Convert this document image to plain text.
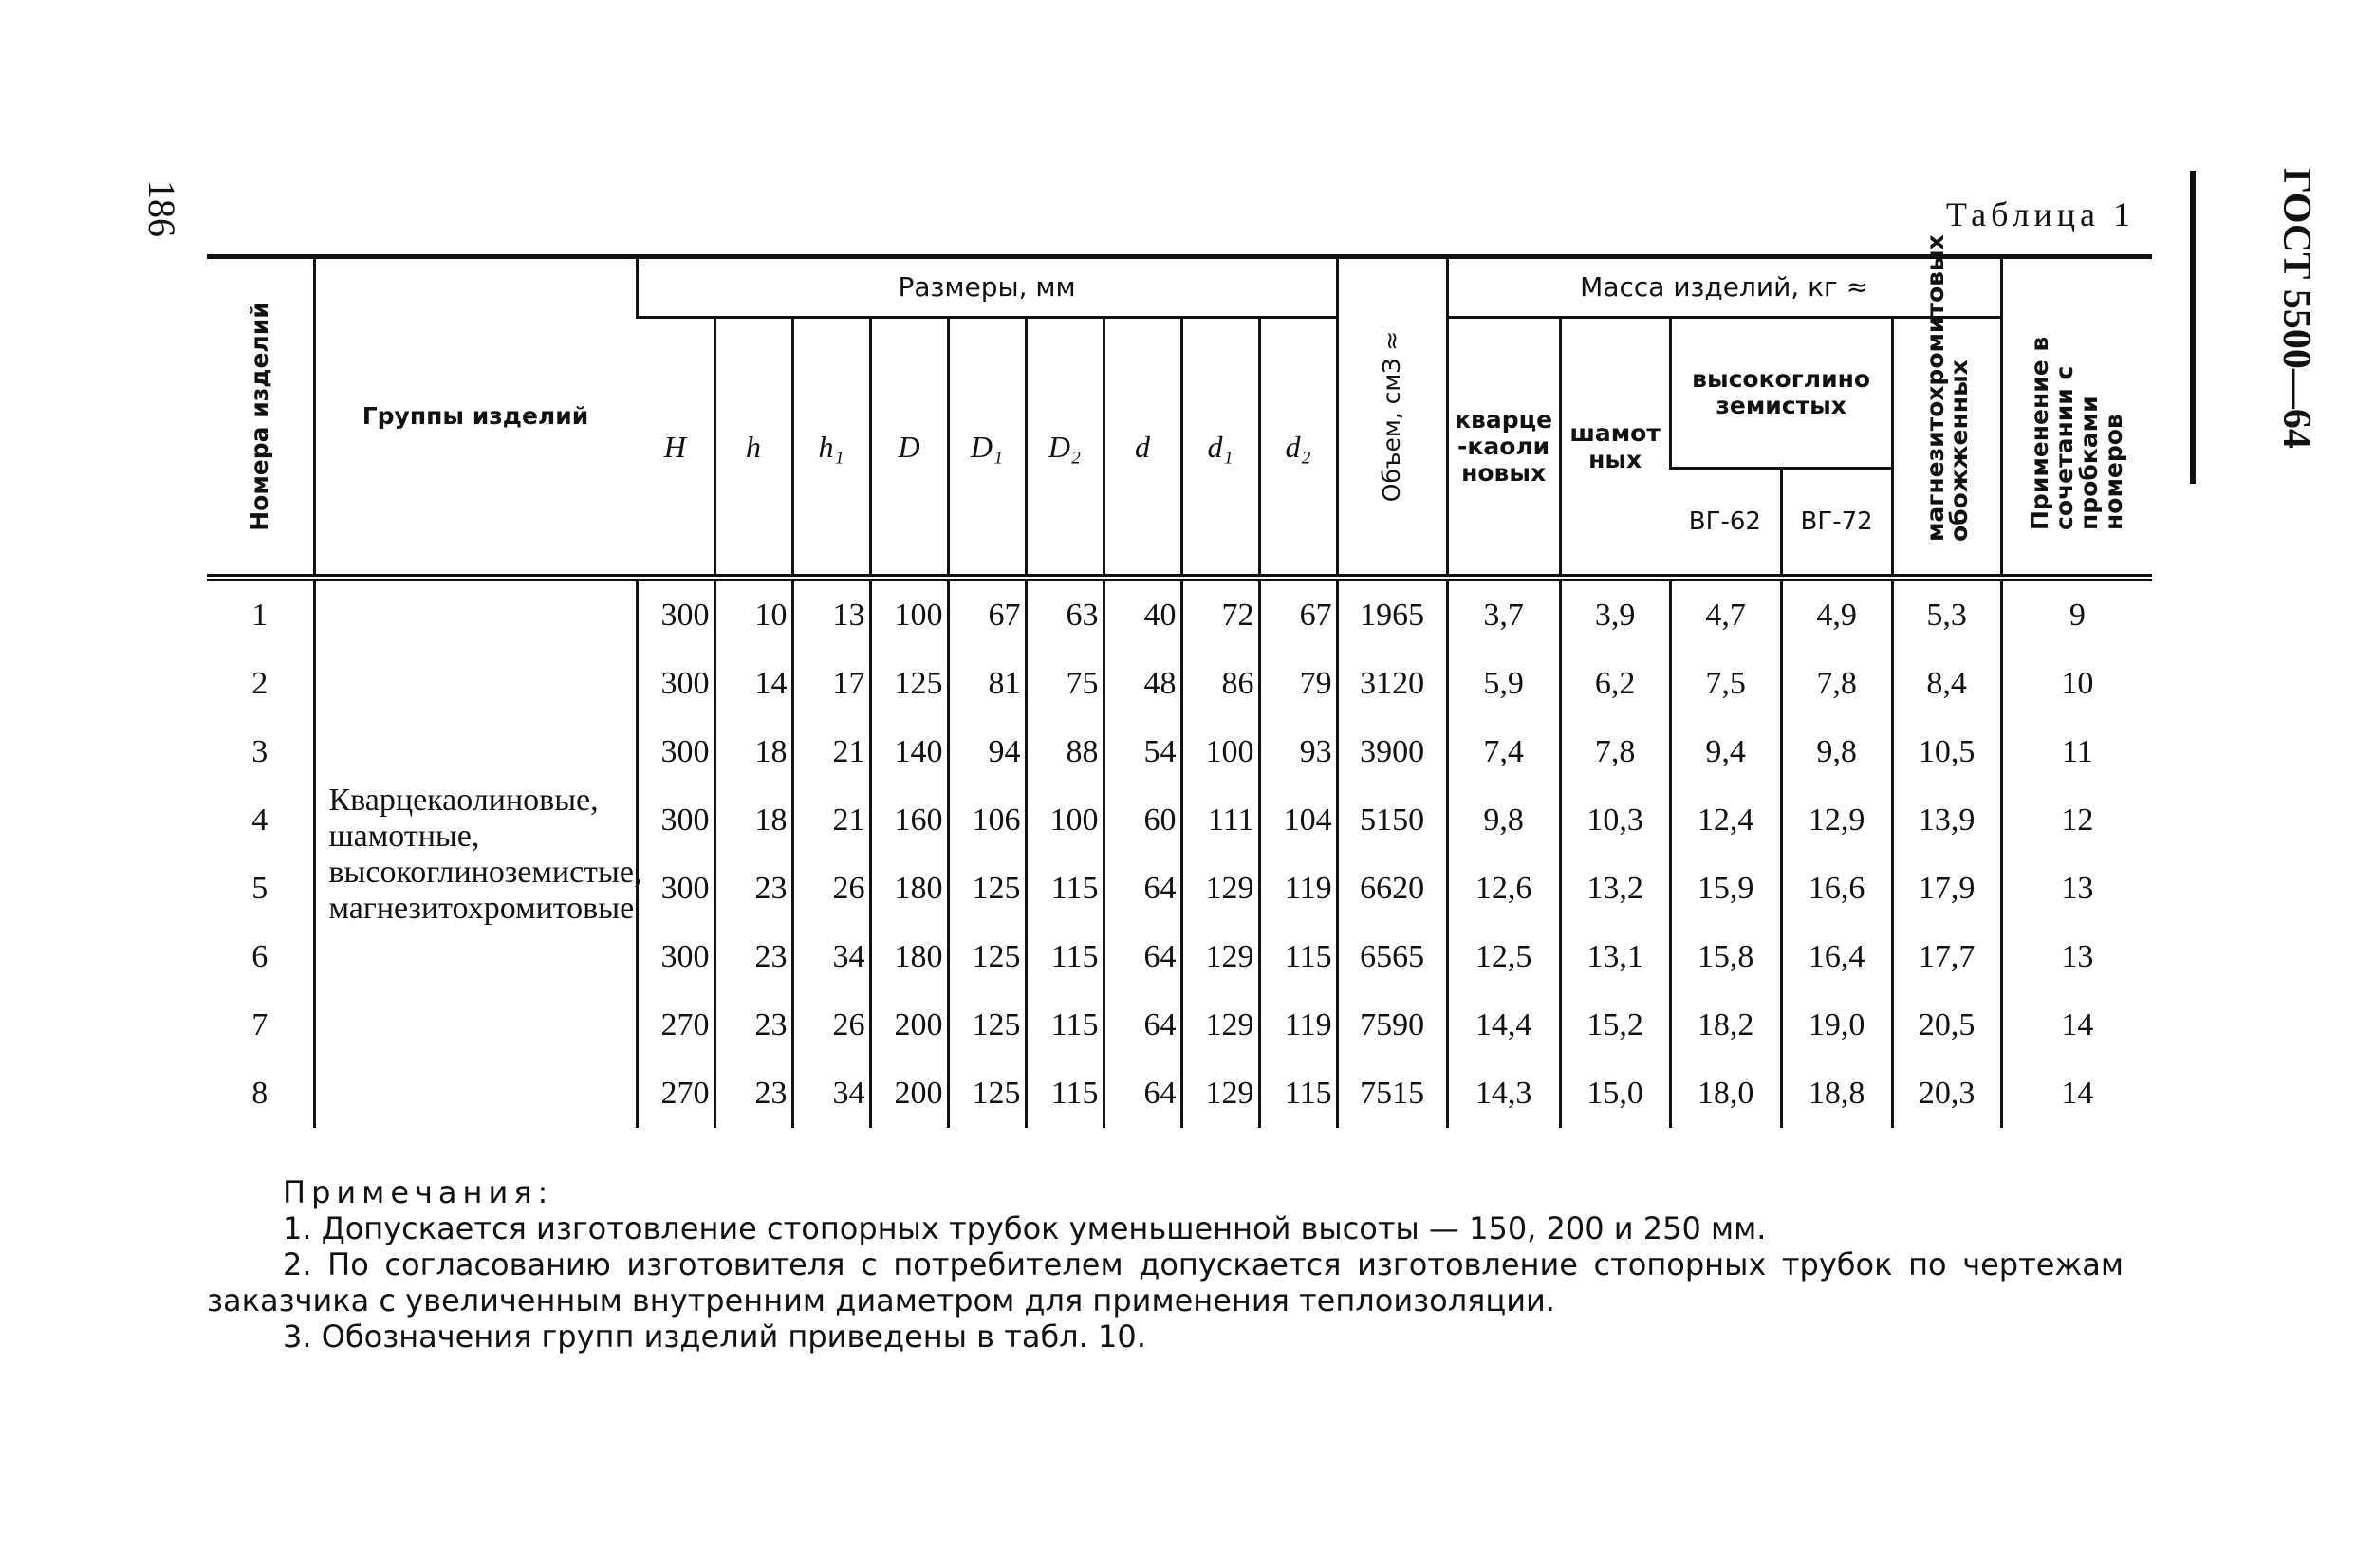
186	ГОСТ 5500—64
Таблица 1
Номера изделий	Группы изделий	Размеры, мм									Объем, смЗ ≈	Масса изделий, кг ≈					Применение в сочетании с пробками номеров

		H	h	h₁	D	D₁	D₂	d	d₁	d₂		кварце-каолиновых	шамотных	высокоглиноземистых		магнезитохромитовых обожженных	

														ВГ-62	ВГ-72		
1	Кварцекаолиновые, шамотные, высокоглиноземистые, магнезитохромитовые	300	10	13	100	67	63	40	72	67	1965	3,7	3,9	4,7	4,9	5,3	9
2		300	14	17	125	81	75	48	86	79	3120	5,9	6,2	7,5	7,8	8,4	10
3		300	18	21	140	94	88	54	100	93	3900	7,4	7,8	9,4	9,8	10,5	11
4		300	18	21	160	106	100	60	111	104	5150	9,8	10,3	12,4	12,9	13,9	12
5		300	23	26	180	125	115	64	129	119	6620	12,6	13,2	15,9	16,6	17,9	13
6		300	23	34	180	125	115	64	129	115	6565	12,5	13,1	15,8	16,4	17,7	13
7		270	23	26	200	125	115	64	129	119	7590	14,4	15,2	18,2	19,0	20,5	14
8		270	23	34	200	125	115	64	129	115	7515	14,3	15,0	18,0	18,8	20,3	14
Примечания:
1. Допускается изготовление стопорных трубок уменьшенной высоты — 150, 200 и 250 мм.
2. По согласованию изготовителя с потребителем допускается изготовление стопорных трубок по чертежам заказчика с увеличенным внутренним диаметром для применения теплоизоляции.
3. Обозначения групп изделий приведены в табл. 10.
